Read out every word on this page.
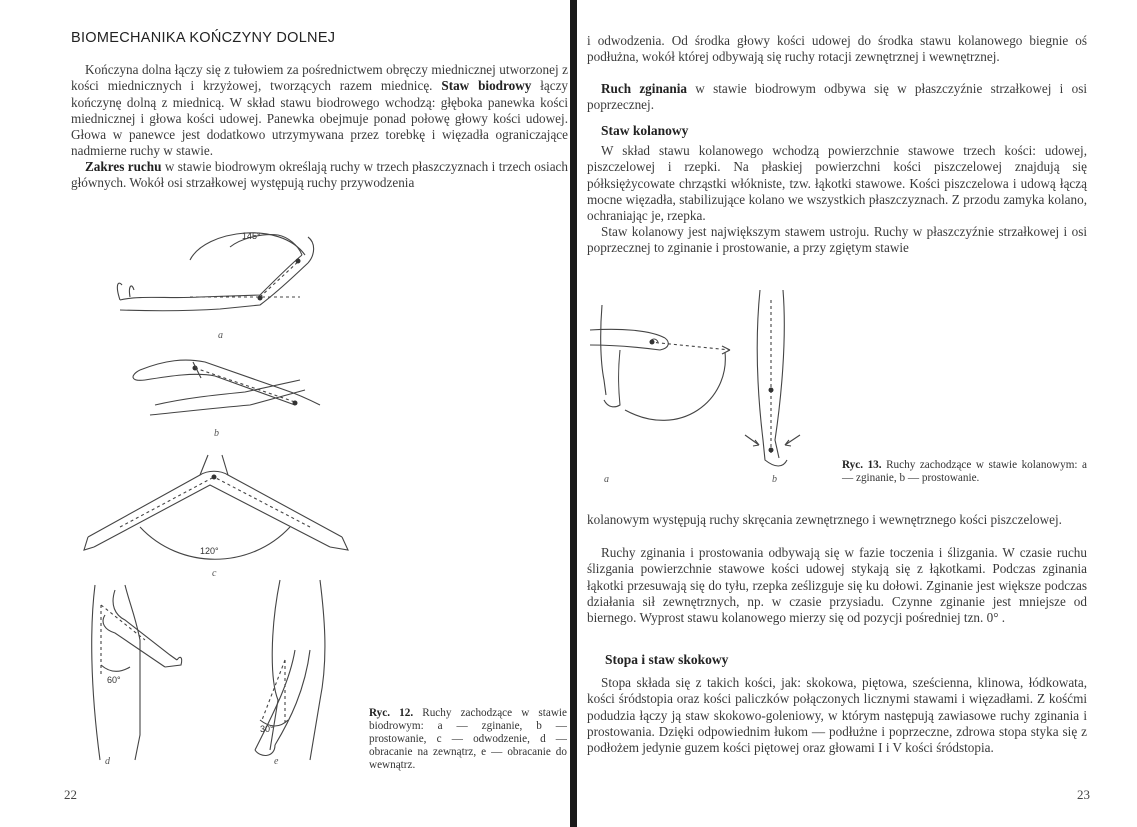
BIOMECHANIKA KOŃCZYNY DOLNEJ
Kończyna dolna łączy się z tułowiem za pośrednictwem obręczy miednicznej utworzonej z kości miednicznych i krzyżowej, tworzących razem miednicę. Staw biodrowy łączy kończynę dolną z miednicą. W skład stawu biodrowego wchodzą: głęboka panewka kości miednicznej i głowa kości udowej. Panewka obejmuje ponad połowę głowy kości udowej. Głowa w panewce jest dodatkowo utrzymywana przez torebkę i więzadła ograniczające nadmierne ruchy w stawie.
Zakres ruchu w stawie biodrowym określają ruchy w trzech płaszczyznach i trzech osiach głównych. Wokół osi strzałkowej występują ruchy przywodzenia
145°
a
b
120°
c
60°
d
30°
e
Ryc. 12. Ruchy zachodzące w stawie biodrowym: a — zginanie, b — prostowanie, c — odwodzenie, d — obracanie na zewnątrz, e — obracanie do wewnątrz.
22
i odwodzenia. Od środka głowy kości udowej do środka stawu kolanowego biegnie oś podłużna, wokół której odbywają się ruchy rotacji zewnętrznej i wewnętrznej.
Ruch zginania w stawie biodrowym odbywa się w płaszczyźnie strzałkowej i osi poprzecznej.
Staw kolanowy
W skład stawu kolanowego wchodzą powierzchnie stawowe trzech kości: udowej, piszczelowej i rzepki. Na płaskiej powierzchni kości piszczelowej znajdują się półksiężycowate chrząstki włókniste, tzw. łąkotki stawowe. Kości piszczelowa i udową łączą mocne więzadła, stabilizujące kolano we wszystkich płaszczyznach. Z przodu zamyka kolano, ochraniając je, rzepka.
Staw kolanowy jest największym stawem ustroju. Ruchy w płaszczyźnie strzałkowej i osi poprzecznej to zginanie i prostowanie, a przy zgiętym stawie
a	b
Ryc. 13. Ruchy zachodzące w stawie kolanowym: a — zginanie, b — prostowanie.
kolanowym występują ruchy skręcania zewnętrznego i wewnętrznego kości piszczelowej.
Ruchy zginania i prostowania odbywają się w fazie toczenia i ślizgania. W czasie ruchu ślizgania powierzchnie stawowe kości udowej stykają się z łąkotkami. Podczas zginania łąkotki przesuwają się do tyłu, rzepka ześlizguje się ku dołowi. Zginanie jest większe podczas działania sił zewnętrznych, np. w czasie przysiadu. Czynne zginanie jest mniejsze od biernego. Wyprost stawu kolanowego mierzy się od pozycji pośredniej tzn. 0° .
Stopa i staw skokowy
Stopa składa się z takich kości, jak: skokowa, piętowa, sześcienna, klinowa, łódkowata, kości śródstopia oraz kości paliczków połączonych licznymi stawami i więzadłami. Z kośćmi podudzia łączy ją staw skokowo-goleniowy, w którym następują zawiasowe ruchy zginania i prostowania. Dzięki odpowiednim łukom — podłużne i poprzeczne, zdrowa stopa styka się z podłożem jedynie guzem kości piętowej oraz głowami I i V kości śródstopia.
23
